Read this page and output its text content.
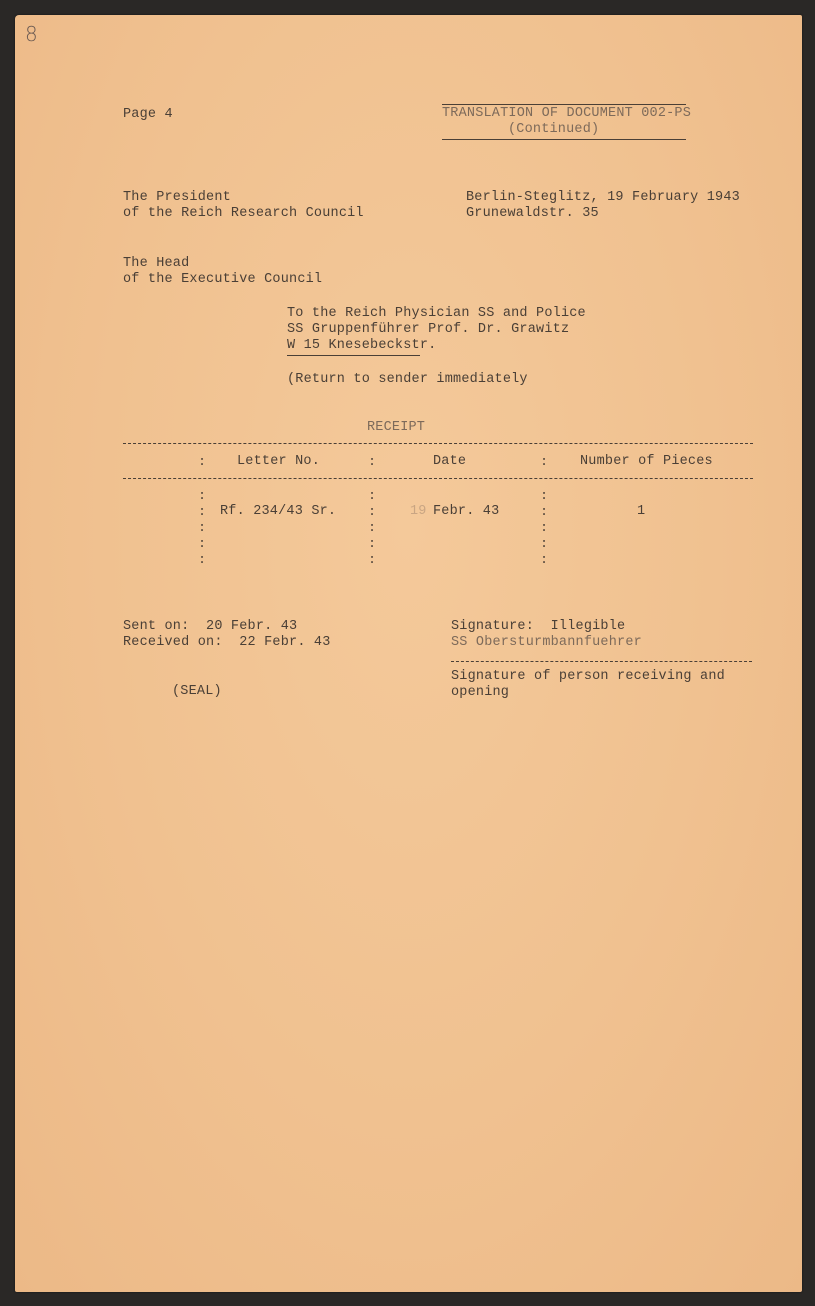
8
Page 4	TRANSLATION OF DOCUMENT 002-PS
(Continued)
The President
of the Reich Research Council
Berlin-Steglitz, 19 February 1943
Grunewaldstr. 35
The Head
of the Executive Council
To the Reich Physician SS and Police
SS Gruppenführer Prof. Dr. Grawitz
W 15 Knesebeckstr.
(Return to sender immediately
RECEIPT
: Letter No.	:	Date	: Number of Pieces
:	:	:
: Rf. 234/43 Sr. :	19 Febr. 43	:	1
:	:	:
:	:	:
:	:	:
Sent on:  20 Febr. 43
Received on:  22 Febr. 43
(SEAL)
Signature:  Illegible
SS Obersturmbannfuehrer
Signature of person receiving and
opening
